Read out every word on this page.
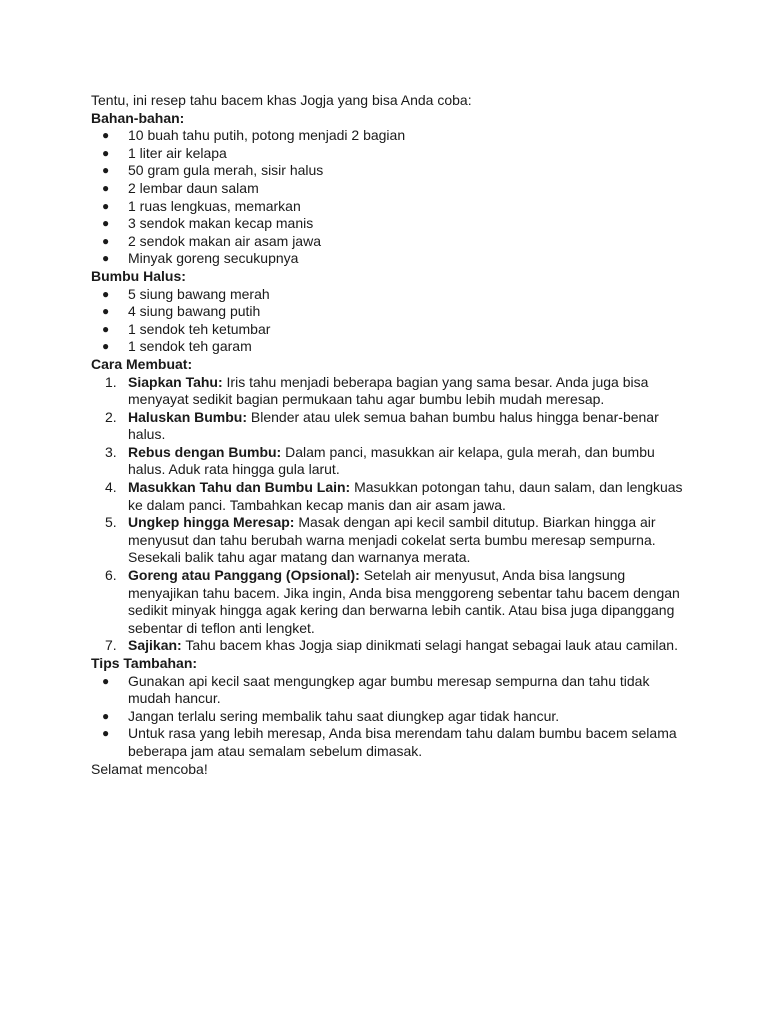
Tentu, ini resep tahu bacem khas Jogja yang bisa Anda coba:

Bahan-bahan:

● 10 buah tahu putih, potong menjadi 2 bagian
● 1 liter air kelapa
● 50 gram gula merah, sisir halus
● 2 lembar daun salam
● 1 ruas lengkuas, memarkan
● 3 sendok makan kecap manis
● 2 sendok makan air asam jawa
● Minyak goreng secukupnya

Bumbu Halus:

● 5 siung bawang merah
● 4 siung bawang putih
● 1 sendok teh ketumbar
● 1 sendok teh garam

Cara Membuat:

1. Siapkan Tahu: Iris tahu menjadi beberapa bagian yang sama besar. Anda juga bisa menyayat sedikit bagian permukaan tahu agar bumbu lebih mudah meresap.
2. Haluskan Bumbu: Blender atau ulek semua bahan bumbu halus hingga benar-benar halus.
3. Rebus dengan Bumbu: Dalam panci, masukkan air kelapa, gula merah, dan bumbu halus. Aduk rata hingga gula larut.
4. Masukkan Tahu dan Bumbu Lain: Masukkan potongan tahu, daun salam, dan lengkuas ke dalam panci. Tambahkan kecap manis dan air asam jawa.
5. Ungkep hingga Meresap: Masak dengan api kecil sambil ditutup. Biarkan hingga air menyusut dan tahu berubah warna menjadi cokelat serta bumbu meresap sempurna. Sesekali balik tahu agar matang dan warnanya merata.
6. Goreng atau Panggang (Opsional): Setelah air menyusut, Anda bisa langsung menyajikan tahu bacem. Jika ingin, Anda bisa menggoreng sebentar tahu bacem dengan sedikit minyak hingga agak kering dan berwarna lebih cantik. Atau bisa juga dipanggang sebentar di teflon anti lengket.
7. Sajikan: Tahu bacem khas Jogja siap dinikmati selagi hangat sebagai lauk atau camilan.

Tips Tambahan:

● Gunakan api kecil saat mengungkep agar bumbu meresap sempurna dan tahu tidak mudah hancur.
● Jangan terlalu sering membalik tahu saat diungkep agar tidak hancur.
● Untuk rasa yang lebih meresap, Anda bisa merendam tahu dalam bumbu bacem selama beberapa jam atau semalam sebelum dimasak.

Selamat mencoba!
